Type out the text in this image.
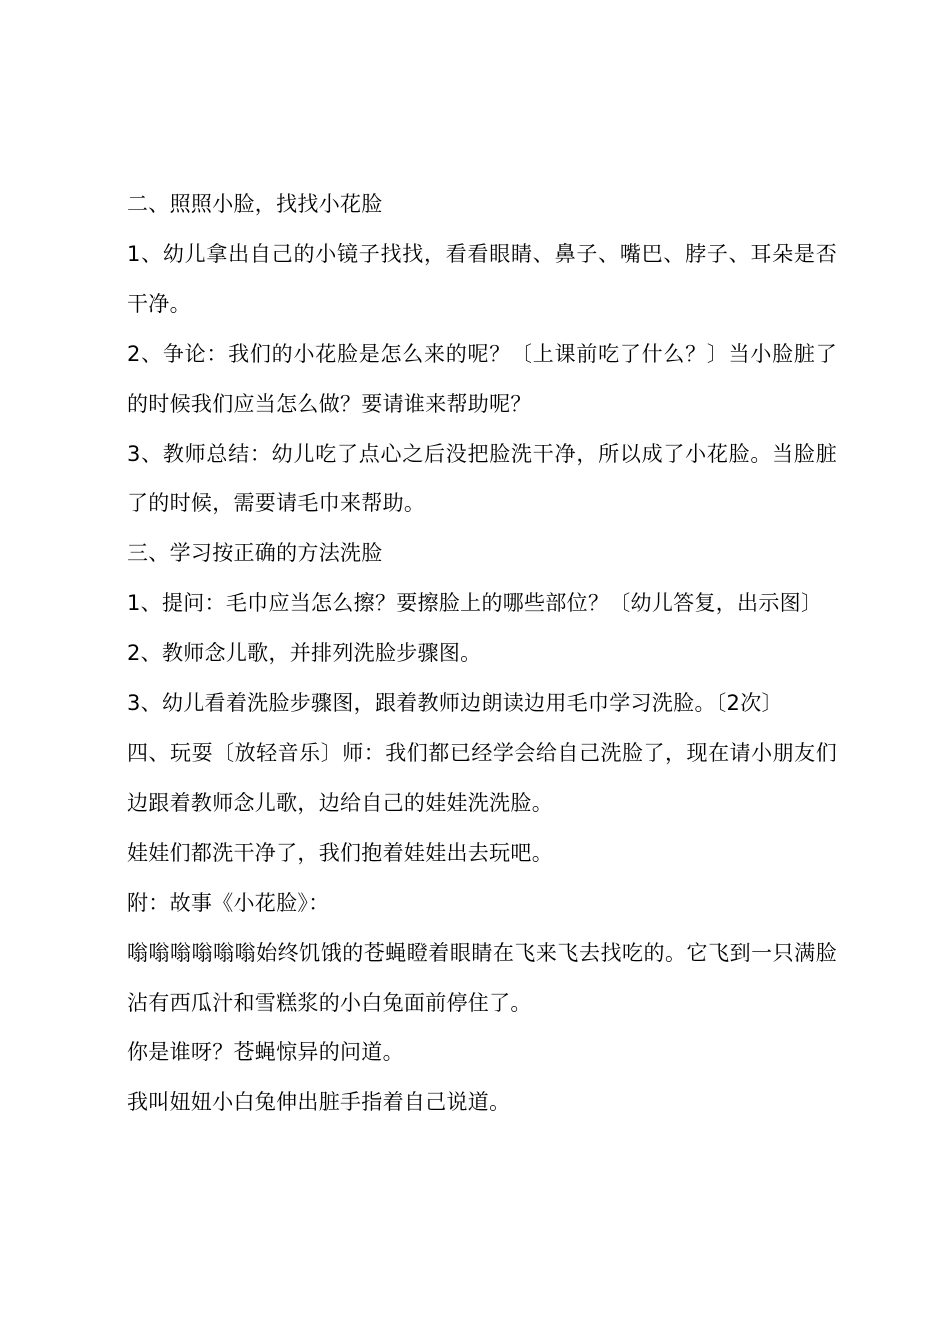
二、照照小脸，找找小花脸

1、幼儿拿出自己的小镜子找找，看看眼睛、鼻子、嘴巴、脖子、耳朵是否干净。

2、争论：我们的小花脸是怎么来的呢？〔上课前吃了什么？〕当小脸脏了的时候我们应当怎么做？要请谁来帮助呢？

3、教师总结：幼儿吃了点心之后没把脸洗干净，所以成了小花脸。当脸脏了的时候，需要请毛巾来帮助。

三、学习按正确的方法洗脸

1、提问：毛巾应当怎么擦？要擦脸上的哪些部位？〔幼儿答复，出示图〕

2、教师念儿歌，并排列洗脸步骤图。

3、幼儿看着洗脸步骤图，跟着教师边朗读边用毛巾学习洗脸。〔2次〕

四、玩耍〔放轻音乐〕师：我们都已经学会给自己洗脸了，现在请小朋友们边跟着教师念儿歌，边给自己的娃娃洗洗脸。

娃娃们都洗干净了，我们抱着娃娃出去玩吧。

附：故事《小花脸》：

嗡嗡嗡嗡嗡嗡始终饥饿的苍蝇瞪着眼睛在飞来飞去找吃的。它飞到一只满脸沾有西瓜汁和雪糕浆的小白兔面前停住了。

你是谁呀？苍蝇惊异的问道。

我叫妞妞小白兔伸出脏手指着自己说道。
